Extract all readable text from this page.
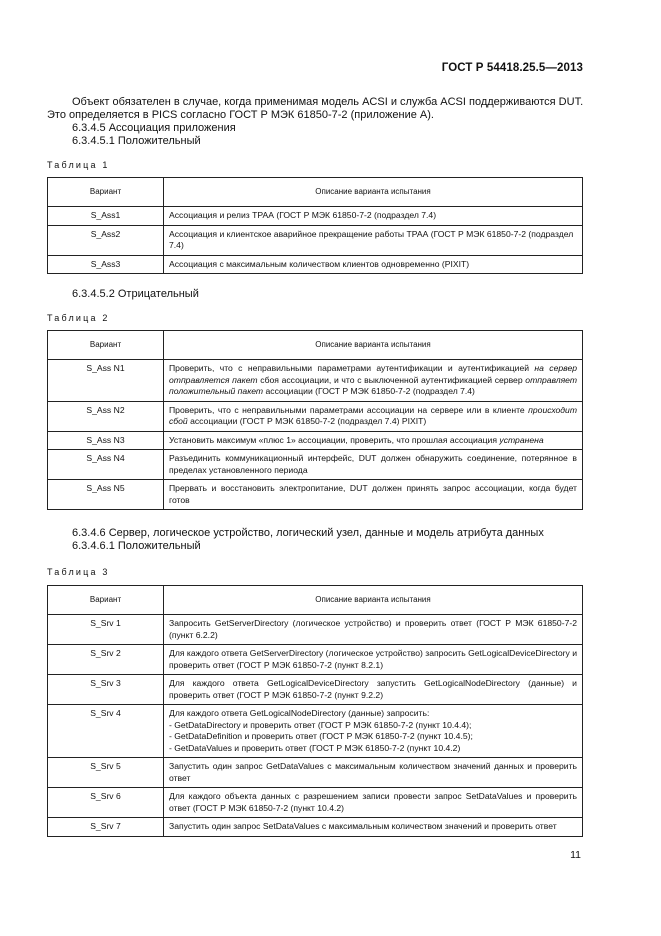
ГОСТ Р 54418.25.5—2013
Объект обязателен в случае, когда применимая модель ACSI и служба ACSI поддерживаются DUT.
Это определяется в PICS согласно ГОСТ Р МЭК 61850-7-2 (приложение А).
6.3.4.5 Ассоциация приложения
6.3.4.5.1 Положительный
Таблица 1
Вариант	Описание варианта испытания
S_Ass1	Ассоциация и релиз ТРАА (ГОСТ Р МЭК 61850-7-2 (подраздел 7.4)
S_Ass2	Ассоциация и клиентское аварийное прекращение работы ТРАА (ГОСТ Р МЭК 61850-7-2 (подраздел 7.4)
S_Ass3	Ассоциация с максимальным количеством клиентов одновременно (PIXIT)
6.3.4.5.2 Отрицательный
Таблица 2
Вариант	Описание варианта испытания
S_Ass N1	Проверить, что с неправильными параметрами аутентификации и аутентификацией на сервер отправляется пакет сбоя ассоциации, и что с выключенной аутентификацией сервер отправляет положительный пакет ассоциации (ГОСТ Р МЭК 61850-7-2 (подраздел 7.4)
S_Ass N2	Проверить, что с неправильными параметрами ассоциации на сервере или в клиенте происходит сбой ассоциации (ГОСТ Р МЭК 61850-7-2 (подраздел 7.4) PIXIT)
S_Ass N3	Установить максимум «плюс 1» ассоциации, проверить, что прошлая ассоциация устранена
S_Ass N4	Разъединить коммуникационный интерфейс, DUT должен обнаружить соединение, потерянное в пределах установленного периода
S_Ass N5	Прервать и восстановить электропитание, DUT должен принять запрос ассоциации, когда будет готов
6.3.4.6 Сервер, логическое устройство, логический узел, данные и модель атрибута данных
6.3.4.6.1 Положительный
Таблица 3
Вариант	Описание варианта испытания
S_Srv 1	Запросить GetServerDirectory (логическое устройство) и проверить ответ (ГОСТ Р МЭК 61850-7-2 (пункт 6.2.2)
S_Srv 2	Для каждого ответа GetServerDirectory (логическое устройство) запросить GetLogicalDeviceDirectory и проверить ответ (ГОСТ Р МЭК 61850-7-2 (пункт 8.2.1)
S_Srv 3	Для каждого ответа GetLogicalDeviceDirectory запустить GetLogicalNodeDirectory (данные) и проверить ответ (ГОСТ Р МЭК 61850-7-2 (пункт 9.2.2)
S_Srv 4	Для каждого ответа GetLogicalNodeDirectory (данные) запросить:
- GetDataDirectory и проверить ответ (ГОСТ Р МЭК 61850-7-2 (пункт 10.4.4);
- GetDataDefinition и проверить ответ (ГОСТ Р МЭК 61850-7-2 (пункт 10.4.5);
- GetDataValues и проверить ответ (ГОСТ Р МЭК 61850-7-2 (пункт 10.4.2)

S_Srv 5	Запустить один запрос GetDataValues с максимальным количеством значений данных и проверить ответ
S_Srv 6	Для каждого объекта данных с разрешением записи провести запрос SetDataValues и проверить ответ (ГОСТ Р МЭК 61850-7-2 (пункт 10.4.2)
S_Srv 7	Запустить один запрос SetDataValues с максимальным количеством значений и проверить ответ
11
